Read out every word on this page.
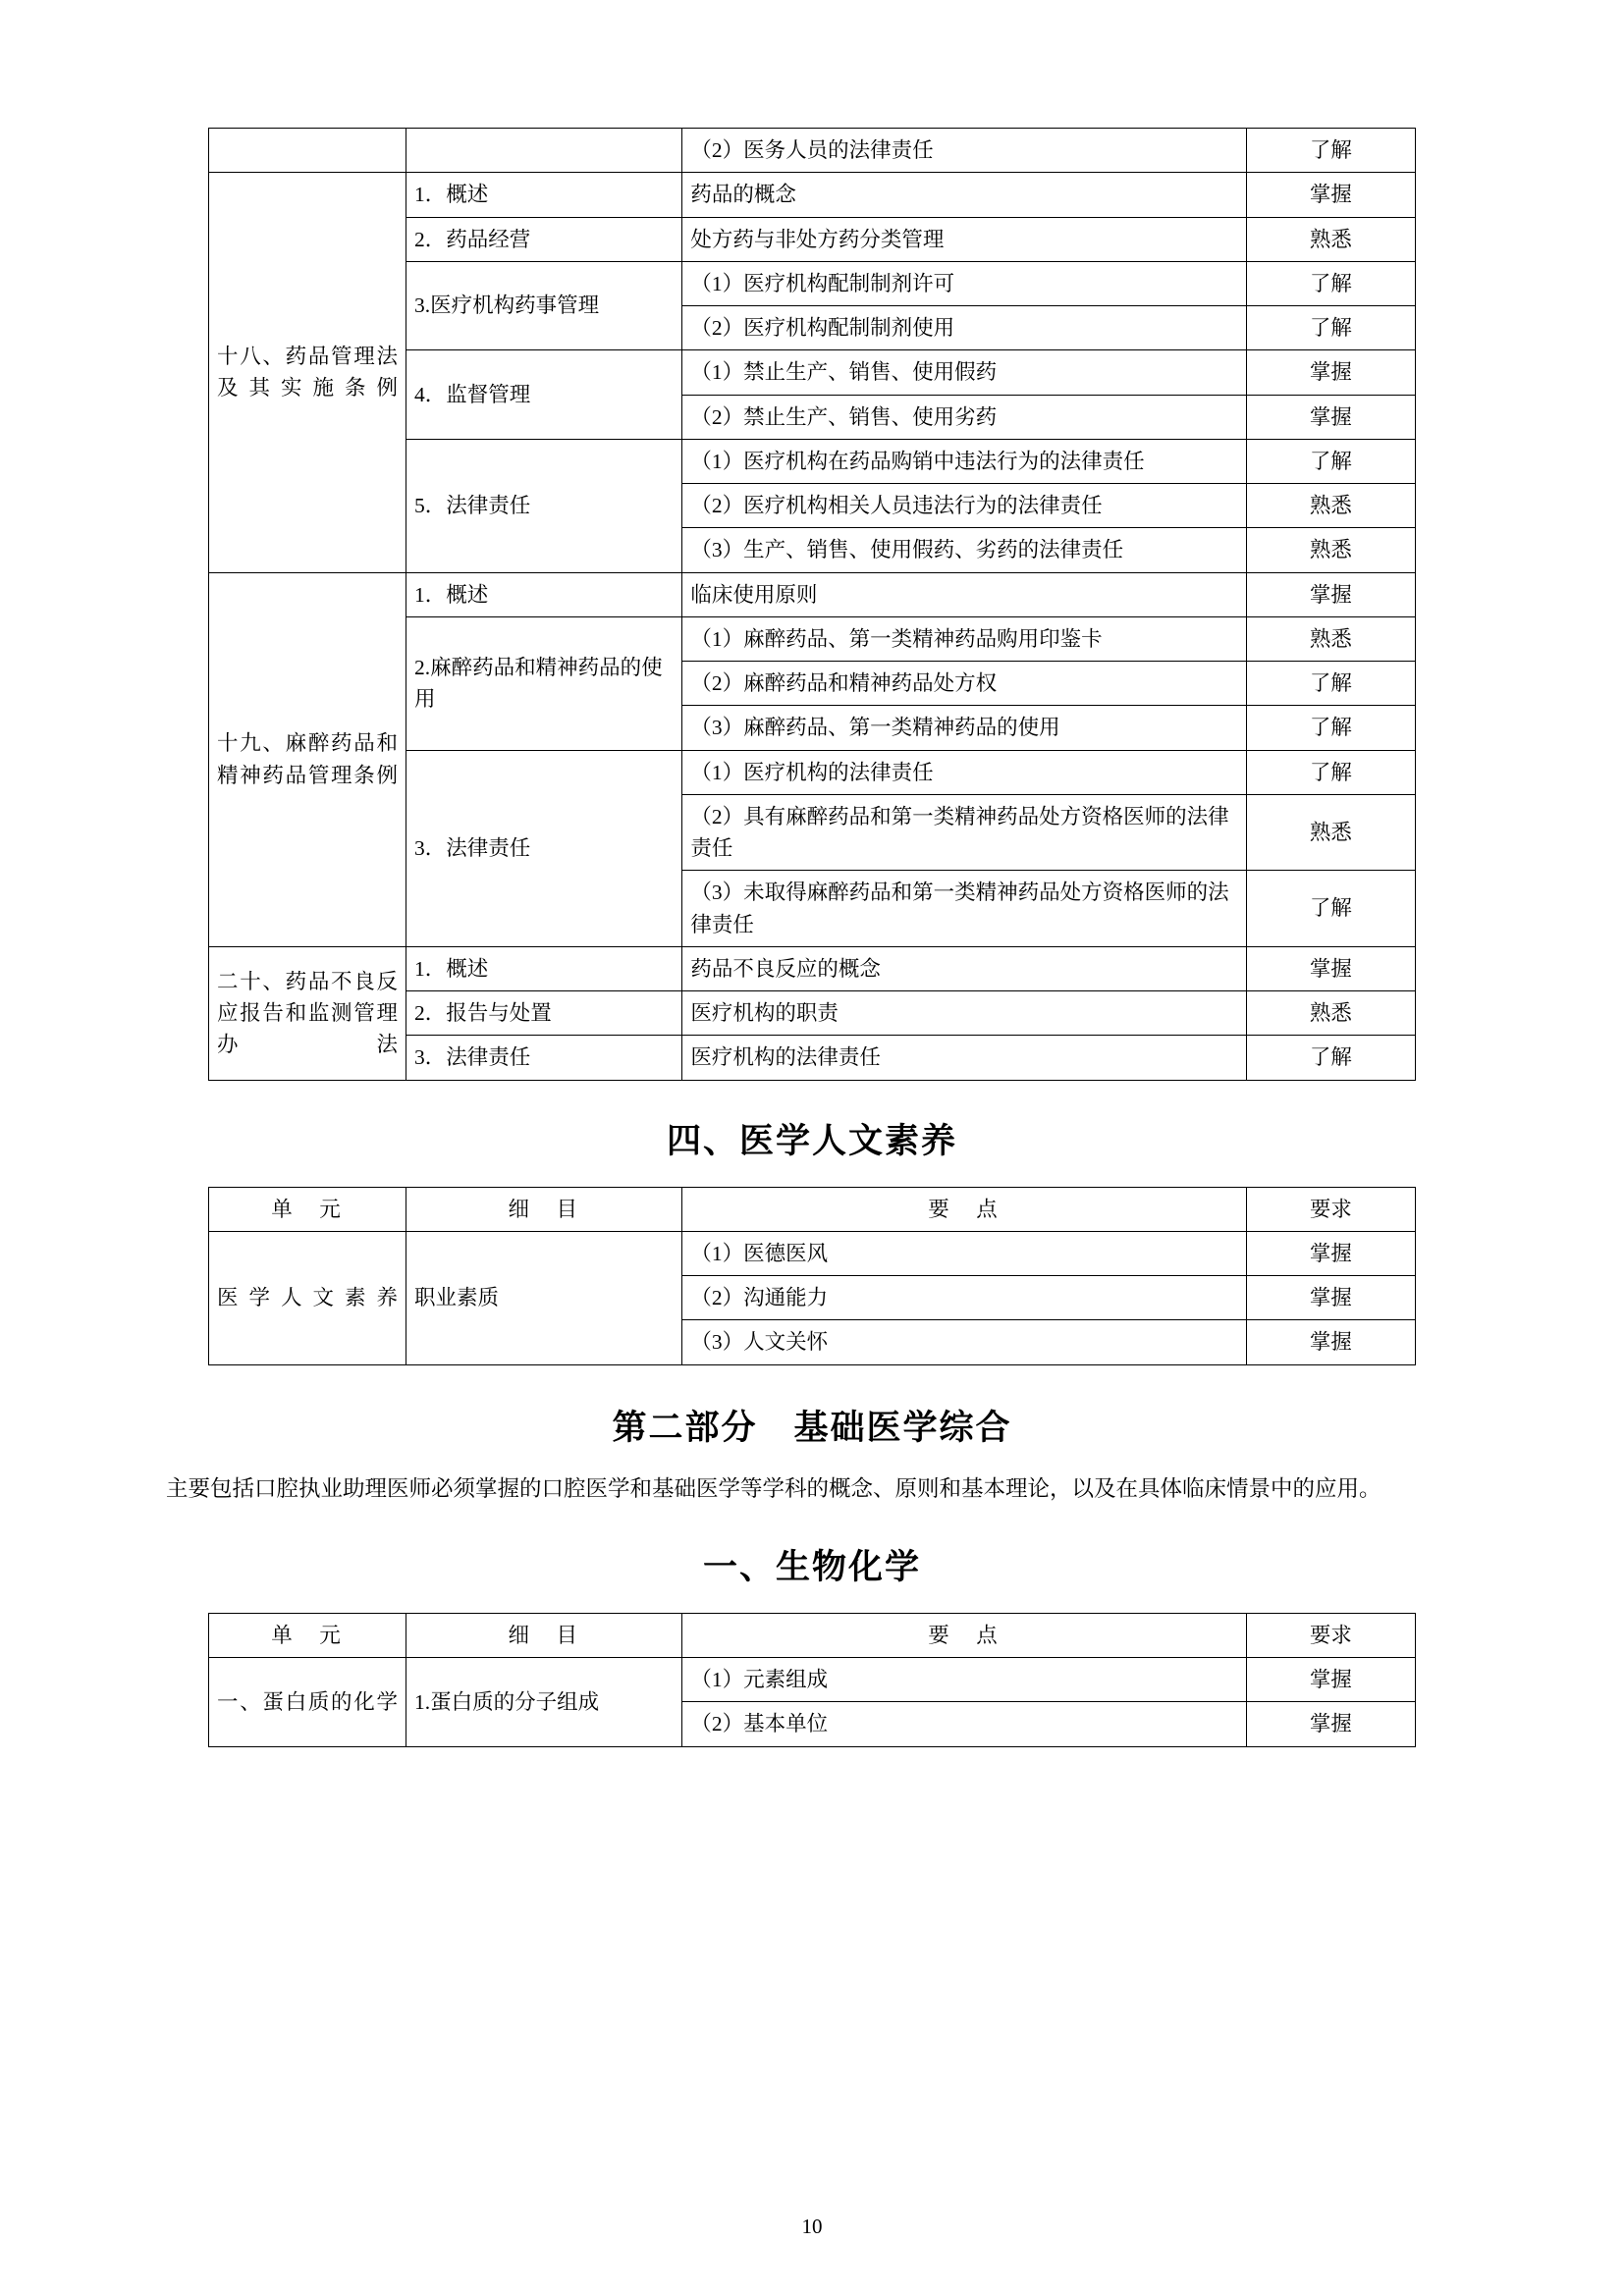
		（2）医务人员的法律责任	了解
十八、药品管理法及其实施条例	1．概述	药品的概念	掌握
	2．药品经营	处方药与非处方药分类管理	熟悉
	3.医疗机构药事管理	（1）医疗机构配制制剂许可	了解
		（2）医疗机构配制制剂使用	了解
	4．监督管理	（1）禁止生产、销售、使用假药	掌握
		（2）禁止生产、销售、使用劣药	掌握
	5．法律责任	（1）医疗机构在药品购销中违法行为的法律责任	了解
		（2）医疗机构相关人员违法行为的法律责任	熟悉
		（3）生产、销售、使用假药、劣药的法律责任	熟悉
十九、麻醉药品和精神药品管理条例	1．概述	临床使用原则	掌握
	2.麻醉药品和精神药品的使用	（1）麻醉药品、第一类精神药品购用印鉴卡	熟悉
		（2）麻醉药品和精神药品处方权	了解
		（3）麻醉药品、第一类精神药品的使用	了解
	3．法律责任	（1）医疗机构的法律责任	了解
		（2）具有麻醉药品和第一类精神药品处方资格医师的法律责任	熟悉
		（3）未取得麻醉药品和第一类精神药品处方资格医师的法律责任	了解
二十、药品不良反应报告和监测管理办法	1．概述	药品不良反应的概念	掌握
	2．报告与处置	医疗机构的职责	熟悉
	3．法律责任	医疗机构的法律责任	了解
四、医学人文素养
单　元	细　目	要　点	要求
医学人文素养	职业素质	（1）医德医风	掌握
		（2）沟通能力	掌握
		（3）人文关怀	掌握
第二部分　基础医学综合

主要包括口腔执业助理医师必须掌握的口腔医学和基础医学等学科的概念、原则和基本理论，以及在具体临床情景中的应用。

一、生物化学
单　元	细　目	要　点	要求
一、蛋白质的化学	1.蛋白质的分子组成	（1）元素组成	掌握
		（2）基本单位	掌握
10
